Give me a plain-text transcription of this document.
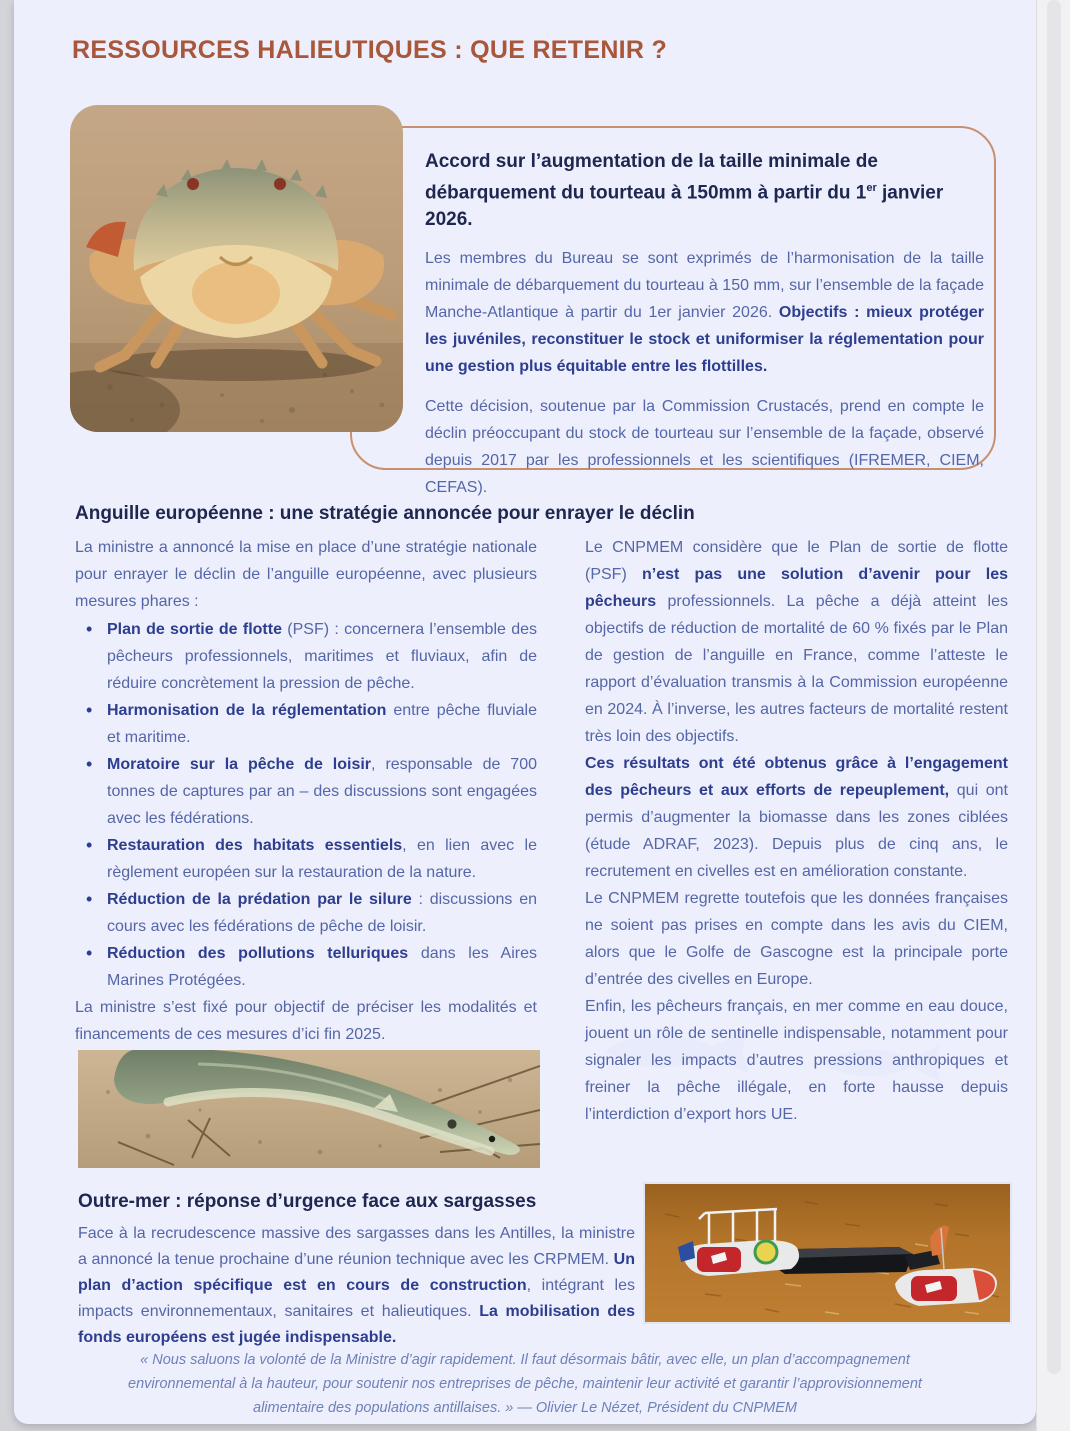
RESSOURCES HALIEUTIQUES : QUE RETENIR ?
Accord sur l’augmentation de la taille minimale de débarquement du tourteau à 150mm à partir du 1er janvier 2026.

Les membres du Bureau se sont exprimés de l’harmonisation de la taille minimale de débarquement du tourteau à 150 mm, sur l’ensemble de la façade Manche-Atlantique à partir du 1er janvier 2026. Objectifs : mieux protéger les juvéniles, reconstituer le stock et uniformiser la réglementation pour une gestion plus équitable entre les flottilles.

Cette décision, soutenue par la Commission Crustacés, prend en compte le déclin préoccupant du stock de tourteau sur l’ensemble de la façade, observé depuis 2017 par les professionnels et les scientifiques (IFREMER, CIEM, CEFAS).

Anguille européenne : une stratégie annoncée pour enrayer le déclin

La ministre a annoncé la mise en place d’une stratégie nationale pour enrayer le déclin de l’anguille européenne, avec plusieurs mesures phares :

• Plan de sortie de flotte (PSF) : concernera l’ensemble des pêcheurs professionnels, maritimes et fluviaux, afin de réduire concrètement la pression de pêche.
• Harmonisation de la réglementation entre pêche fluviale et maritime.
• Moratoire sur la pêche de loisir, responsable de 700 tonnes de captures par an – des discussions sont engagées avec les fédérations.
• Restauration des habitats essentiels, en lien avec le règlement européen sur la restauration de la nature.
• Réduction de la prédation par le silure : discussions en cours avec les fédérations de pêche de loisir.
• Réduction des pollutions telluriques dans les Aires Marines Protégées.

La ministre s’est fixé pour objectif de préciser les modalités et financements de ces mesures d’ici fin 2025.

Le CNPMEM considère que le Plan de sortie de flotte (PSF) n’est pas une solution d’avenir pour les pêcheurs professionnels. La pêche a déjà atteint les objectifs de réduction de mortalité de 60 % fixés par le Plan de gestion de l’anguille en France, comme l’atteste le rapport d’évaluation transmis à la Commission européenne en 2024. À l’inverse, les autres facteurs de mortalité restent très loin des objectifs.

Ces résultats ont été obtenus grâce à l’engagement des pêcheurs et aux efforts de repeuplement, qui ont permis d’augmenter la biomasse dans les zones ciblées (étude ADRAF, 2023). Depuis plus de cinq ans, le recrutement en civelles est en amélioration constante.

Le CNPMEM regrette toutefois que les données françaises ne soient pas prises en compte dans les avis du CIEM, alors que le Golfe de Gascogne est la principale porte d’entrée des civelles en Europe.

Enfin, les pêcheurs français, en mer comme en eau douce, jouent un rôle de sentinelle indispensable, notamment pour signaler les impacts d’autres pressions anthropiques et freiner la pêche illégale, en forte hausse depuis l’interdiction d’export hors UE.

Outre-mer : réponse d’urgence face aux sargasses

Face à la recrudescence massive des sargasses dans les Antilles, la ministre a annoncé la tenue prochaine d’une réunion technique avec les CRPMEM. Un plan d’action spécifique est en cours de construction, intégrant les impacts environnementaux, sanitaires et halieutiques. La mobilisation des fonds européens est jugée indispensable.

« Nous saluons la volonté de la Ministre d’agir rapidement. Il faut désormais bâtir, avec elle, un plan d’accompagnement environnemental à la hauteur, pour soutenir nos entreprises de pêche, maintenir leur activité et garantir l’approvisionnement alimentaire des populations antillaises. » — Olivier Le Nézet, Président du CNPMEM
